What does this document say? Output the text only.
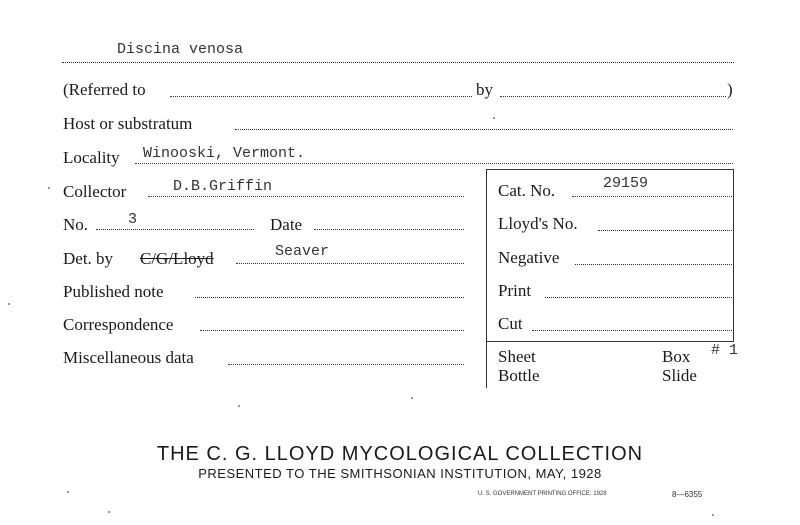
Discina venosa
(Referred to	by	)
Host or substratum
Locality Winooski, Vermont.
Collector	D.B.Griffin
No.	3	Date
Det. by C/G/Lloyd	Seaver
Published note
Correspondence
Miscellaneous data
Cat. No.	29159
Lloyd's No.
Negative
Print
Cut
Sheet
Bottle
Box # 1
Slide
THE C. G. LLOYD MYCOLOGICAL COLLECTION
PRESENTED TO THE SMITHSONIAN INSTITUTION, MAY, 1928
U. S. GOVERNMENT PRINTING OFFICE: 1928	8—6355
